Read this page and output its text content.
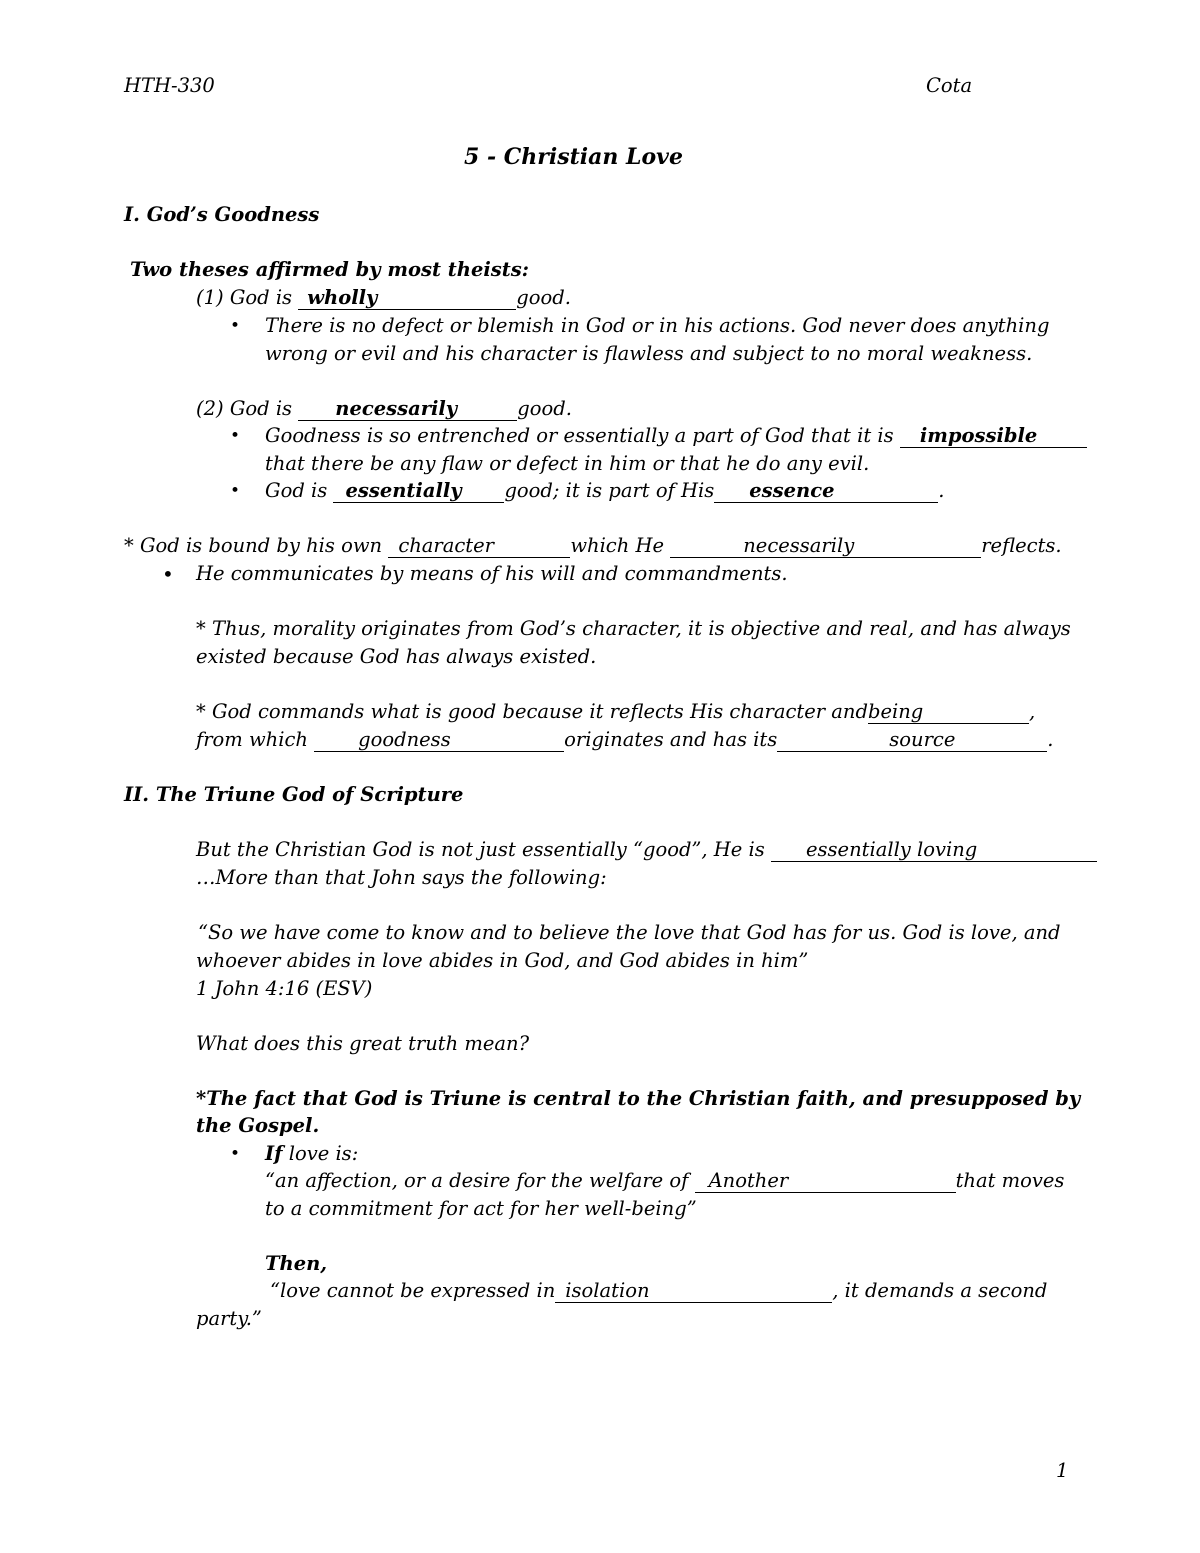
HTH-330	Cota
5 - Christian Love
I. God’s Goodness
Two theses affirmed by most theists:
(1) God is wholly	good.
• There is no defect or blemish in God or in his actions. God never does anything
wrong or evil and his character is flawless and subject to no moral weakness.
(2) God is necessarily	good.
• Goodness is so entrenched or essentially a part of God that it is impossible
that there be any flaw or defect in him or that he do any evil.
• God is essentially good; it is part of His essence	.
* God is bound by his own character	which He	necessarily	reflects.
• He communicates by means of his will and commandments.
* Thus, morality originates from God’s character, it is objective and real, and has always
existed because God has always existed.
* God commands what is good because it reflects His character andbeing	,
from which goodness	originates and has its	source	.
II. The Triune God of Scripture
But the Christian God is not just essentially “good”, He is essentially loving
…More than that John says the following:
“So we have come to know and to believe the love that God has for us. God is love, and
whoever abides in love abides in God, and God abides in him”
1 John 4:16 (ESV)
What does this great truth mean?
*The fact that God is Triune is central to the Christian faith, and presupposed by
the Gospel.
• If love is:
“an affection, or a desire for the welfare of Another	that moves
to a commitment for act for her well-being”
Then,
“love cannot be expressed in isolation	, it demands a second
party.”
1
